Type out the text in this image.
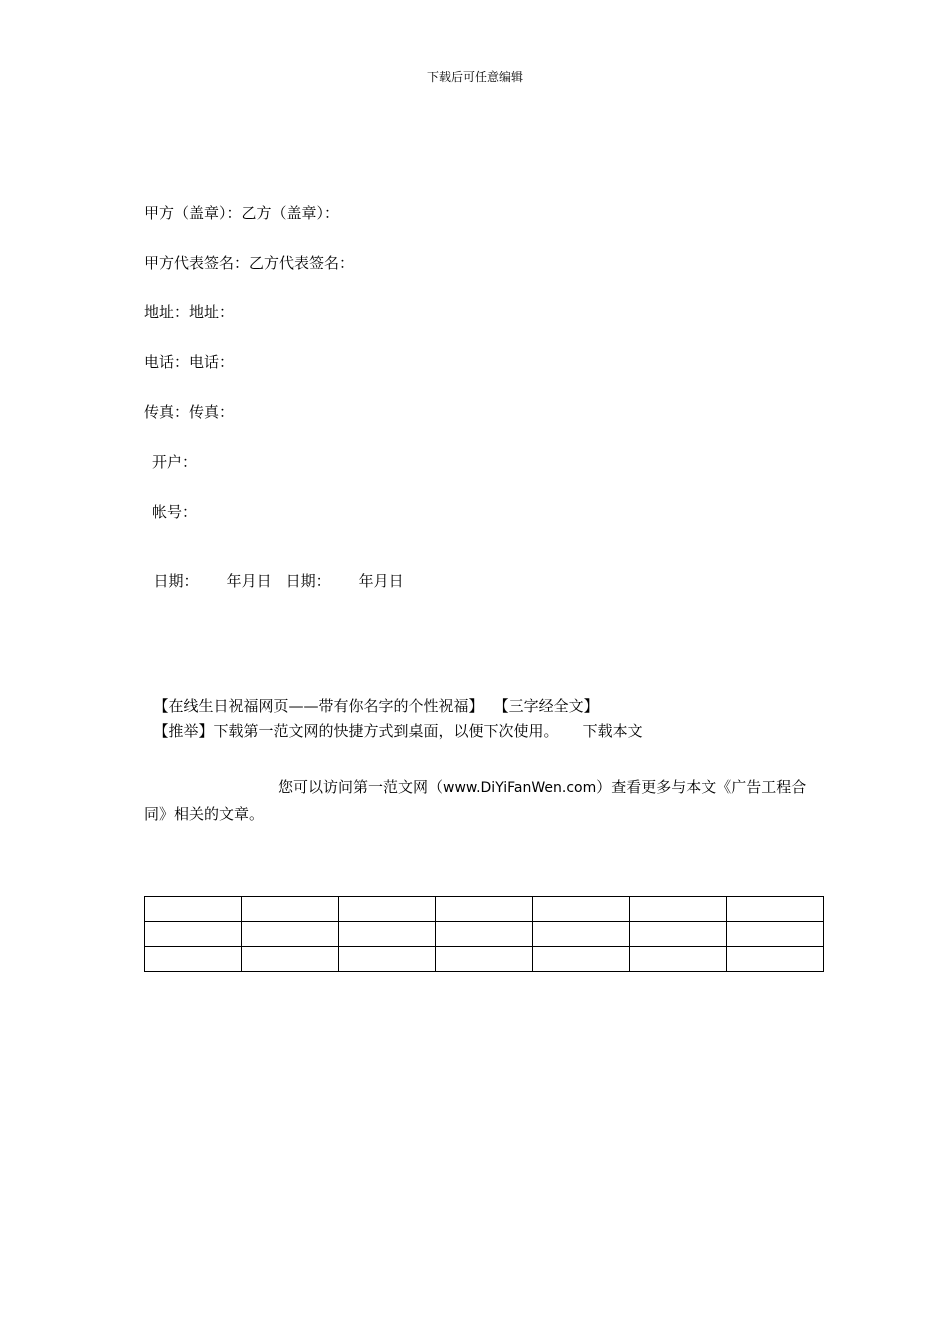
下载后可任意编辑
甲方（盖章）：乙方（盖章）：
甲方代表签名：乙方代表签名：
地址：地址：
电话：电话：
传真：传真：
开户：
帐号：

日期： 年月日 日期： 年月日

【在线生日祝福网页——带有你名字的个性祝福】 【三字经全文】

【推举】下载第一范文网的快捷方式到桌面，以便下次使用。 下载本文

您可以访问第一范文网（www.DiYiFanWen.com）查看更多与本文《广告工程合同》相关的文章。
